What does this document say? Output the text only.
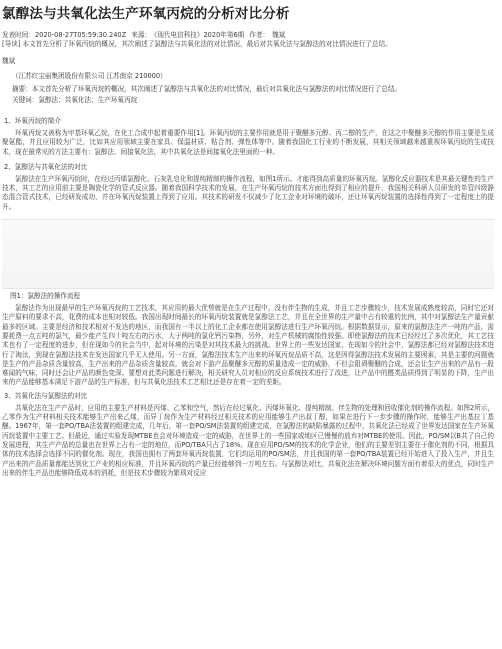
氯醇法与共氧化法生产环氧丙烷的分析对比分析
发表时间：2020-08-27T05:59:30.240Z 来源： 《现代电信科技》2020年第6期 作者： 魏斌
[导读] 本文首先分析了环氧丙烷的概况，其次阐述了氯醇法与共氧化法的对比情况，最后对共氧化法与氯醇法的对比情况进行了总结。
魏斌
（江苏红宝丽集团股份有限公司 江苏南京 210000）
摘要：本文首先分析了环氧丙烷的概况，其次阐述了氯醇法与共氧化法的对比情况，最后对共氧化法与氯醇法的对比情况进行了总结。
关键词：氯醇法；共氧化法；生产环氧丙烷
1、环氧丙烷的简介

环氧丙烷又被称为甲基环氧乙烷，在化工合成中起着重要作用[1]。环氧丙烷的主要作用就是用于聚醚多元醇、丙二醇的生产，在这之中聚醚多元醇的作用主要是生成聚氨酯，并且应用较为广泛，比如其应用领域主要在家具、保温材质、粘合剂、弹性体等中。随着我国化工行业的不断发展，其相关领域越来越重视环氧丙烷的生成技术，现在最常见的方法主要有：氯醇法、间接氧化法，其中共氧化法是间接氧化法里面的一种。

2、氯醇法与共氧化法的对比

氯醇法在生产环氧丙烷时，在经过丙烯氯醇化、石灰乳皂化和提纯精制的操作流程，如图1所示。才能得到高质量的环氧丙烷。氯醇化反应器技术是其最关键性的生产技术，其工艺的应用前主要是陶瓷化学的管式反应器。随着我国科学技术的发展，在生产环氧丙烷的技术方面也得到了相应的提升，我国相关科研人员研发的单管四级静态混合管式技术，已经研发成功，并在环氧丙烷装置上得到了应用。其技术的研发不仅减少了化工企业对环境的破坏，还让环氧丙烷装置的选择性得到了一定程度上的提升。

图1：氯醇法的操作流程

氯醇法作为出现最早的生产环氧丙烷的工艺技术，其应用的最大优势就是在生产过程中，没有伴生物的生成，并且工艺步骤较少，技术发展成熟度较高，同时它还对生产原料的要求不高，花费的成本也相对较低。我国出现时间最长的环氧丙烷装置就是氯醇法工艺，并且在全世界的生产量中占有较重的比例，其中对氯醇法生产量贡献最多的区域。主要是经济和技术相对不发达的地区，而我国有一半以上的化工企业都在使用氯醇法进行生产环氧丙烷。根据数据显示，原来的氯醇法生产一吨的产品，需要耗费一点五吨的氯气，最少能产生四十吨左右的污水，大于两吨的氯化钙污染物，另外，对生产机械的腐蚀性较强。即使氯醇法的技术已经经过了多次优化，其工艺技术也有了一定程度的进步，但在现如今的社会当中，起对环境的污染是对其技术最大的挑战。世界上的一些发达国家，在现如今的社会中，氯醇法都已经对氯醇法技术进行了淘汰，到现在氯醇法技术在发达国家几乎无人使用。另一方面，氯醇法技术生产出来的环氧丙烷品质不高，这是因得氯醇法技术发展的主要困素，其是主要的问题就是生产的产品杂质含量较高，生产出来的产品杂质含量较高，就会对下游产品聚醚多元醇的质量造成一定的威胁，不但会阻碍聚醚的合成，还会让生产出来的产品有一股难闻的气味，同时还会让产品的颜色变深。要想对此类问题进行解决，相关研究人员对相应的反应系统技术进行了改进，让产品中的醛类品质得到了明显的下降，生产出来的产品能够基本满足下游产品的生产标准，但与共氧化法技术工艺相比还是存在着一定的差距。

3、共氧化法与氯醇法的对比

共氧化法在生产产品时，应用的主要生产材料是丙烯、乙苯和空气，然后在经过氧化、丙烯环氧化、提纯精制、伴生物的处理和回收催化剂的操作流程。如图2所示，乙苯作为生产材料相关技术能够生产出来乙烯，而异丁烷作为生产材料经过相关技术的应用能够生产出叔丁醇，如果在进行下一步步骤的操作时，能够生产出基拉丁基醚。1967年，第一套PO/TBA法装置的组建完成，几年后，第一套PO/SM法装置的组建完成，在氯醇法的缺陷暴露的过程中，共氧化法已经成了世界发达国家在生产环氧丙烷装置中主要工艺。但最近，通过实验发现MTBE也会对环境造成一定的威胁，在世界上的一些国家或地区已慢慢的放弃对MTBE的使用。因此，PO/SM以B共了自己的发展进程，其生产产品的总量也在世界上占有一定的地位，而PO/TBA只占了18%。现在应用PO/SM的技术的化学企业，他们的主要差别主要在于催化剂的不同，根据具体的技术选择会选择不同的催化剂。现在，我国也拥有了两套环氧丙烷装置，它们均运用的PO/SM法，并且我国的第一套PO/TBA装置已经开始进入了投入生产，并且生产出来的产品质量都能达到化工产业的相应标准，并且环氧丙烷的产量已经能够到一万吨左右。与氯醇法对比，共氧化法在解决环境问题方面有着很大的优点，同时生产出来的伴生产品也能够降低成本的消耗，但是技术步骤较为繁琐对反应
